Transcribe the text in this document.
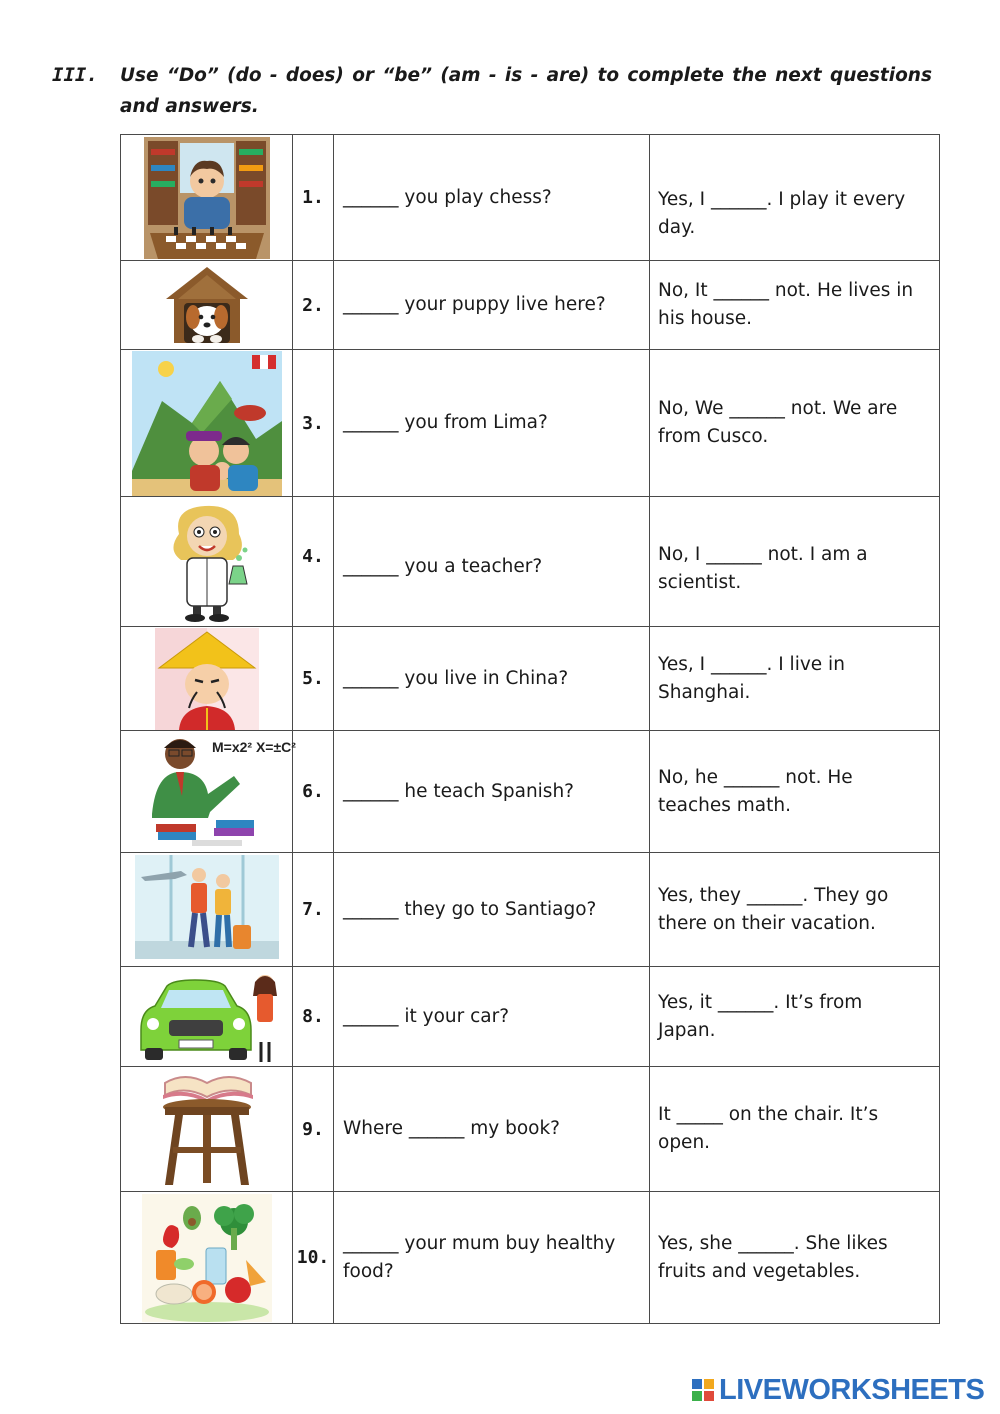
III. Use “Do” (do - does) or “be” (am - is - are) to complete the next questions and answers.
	1.	______ you play chess?	Yes, I ______. I play it every day.

	2.	______ your puppy live here?	No, It ______ not. He lives in his house.

	3.	______ you from Lima?	No, We ______ not. We are from Cusco.

	4.	______ you a teacher?	No, I ______ not. I am a scientist.

	5.	______ you live in China?	Yes, I ______. I live in Shanghai.

M=x2² X=±C²	6.	______ he teach Spanish?	No, he ______ not. He teaches math.

	7.	______ they go to Santiago?	Yes, they ______. They go there on their vacation.

	8.	______ it your car?	Yes, it ______. It’s from Japan.

	9.	Where ______ my book?	It _____ on the chair. It’s open.

	10.	______ your mum buy healthy food?	Yes, she ______. She likes fruits and vegetables.
LIVEWORKSHEETS
